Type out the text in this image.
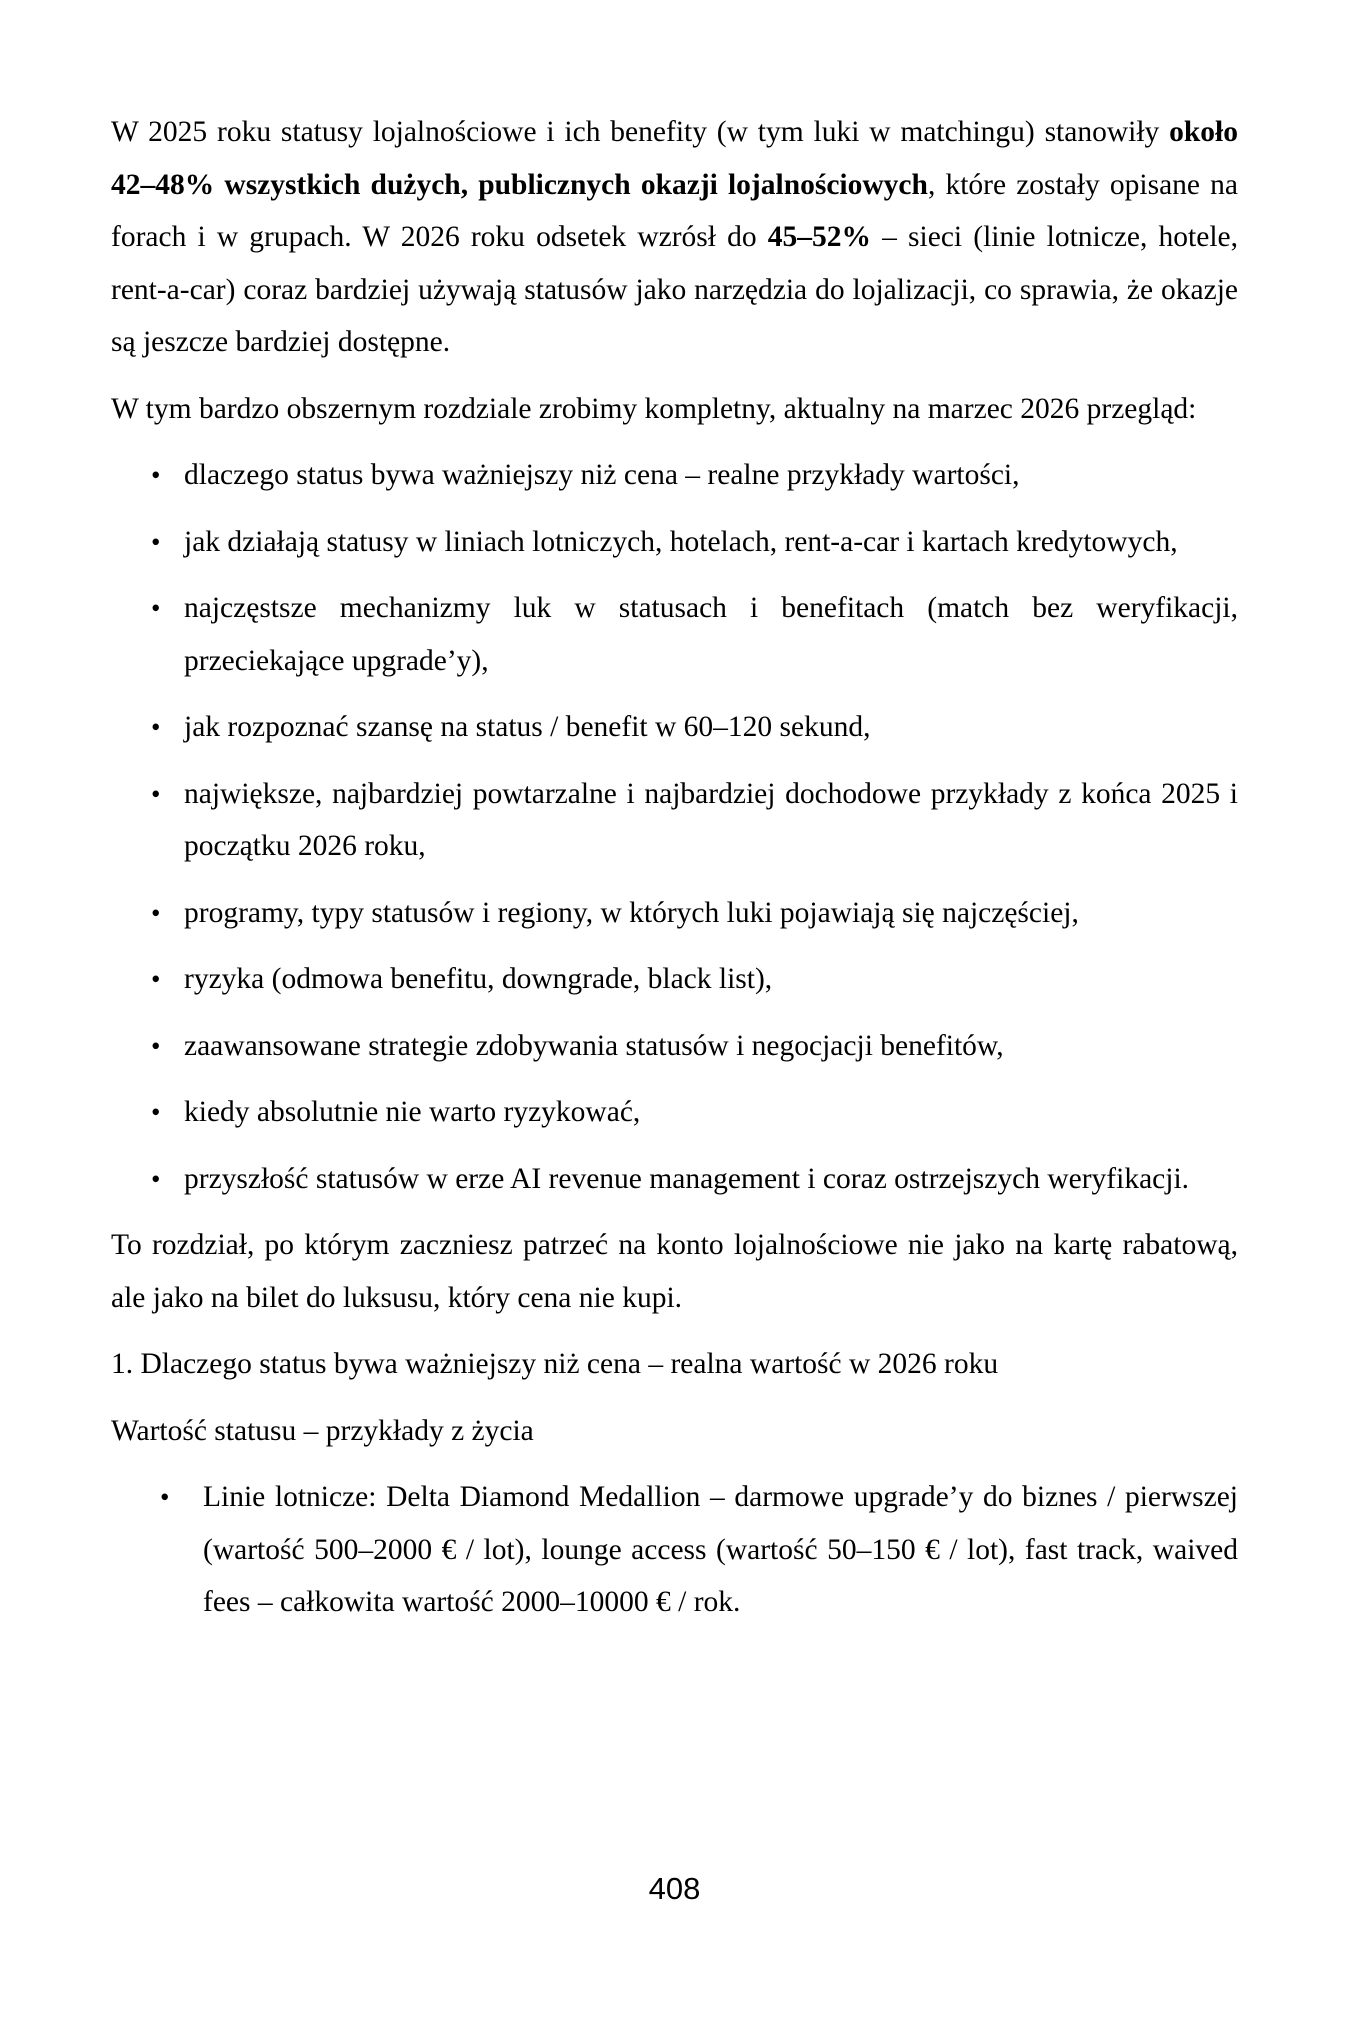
W 2025 roku statusy lojalnościowe i ich benefity (w tym luki w matchingu) stanowiły około 42–48% wszystkich dużych, publicznych okazji lojalnościowych, które zostały opisane na forach i w grupach. W 2026 roku odsetek wzrósł do 45–52% – sieci (linie lotnicze, hotele, rent-a-car) coraz bardziej używają statusów jako narzędzia do lojalizacji, co sprawia, że okazje są jeszcze bardziej dostępne.

W tym bardzo obszernym rozdziale zrobimy kompletny, aktualny na marzec 2026 przegląd:

• dlaczego status bywa ważniejszy niż cena – realne przykłady wartości,
• jak działają statusy w liniach lotniczych, hotelach, rent-a-car i kartach kredytowych,
• najczęstsze mechanizmy luk w statusach i benefitach (match bez weryfikacji, przeciekające upgrade’y),
• jak rozpoznać szansę na status / benefit w 60–120 sekund,
• największe, najbardziej powtarzalne i najbardziej dochodowe przykłady z końca 2025 i początku 2026 roku,
• programy, typy statusów i regiony, w których luki pojawiają się najczęściej,
• ryzyka (odmowa benefitu, downgrade, black list),
• zaawansowane strategie zdobywania statusów i negocjacji benefitów,
• kiedy absolutnie nie warto ryzykować,
• przyszłość statusów w erze AI revenue management i coraz ostrzejszych weryfikacji.

To rozdział, po którym zaczniesz patrzeć na konto lojalnościowe nie jako na kartę rabatową, ale jako na bilet do luksusu, który cena nie kupi.

1. Dlaczego status bywa ważniejszy niż cena – realna wartość w 2026 roku

Wartość statusu – przykłady z życia

• Linie lotnicze: Delta Diamond Medallion – darmowe upgrade’y do biznes / pierwszej (wartość 500–2000 € / lot), lounge access (wartość 50–150 € / lot), fast track, waived fees – całkowita wartość 2000–10000 € / rok.
408
